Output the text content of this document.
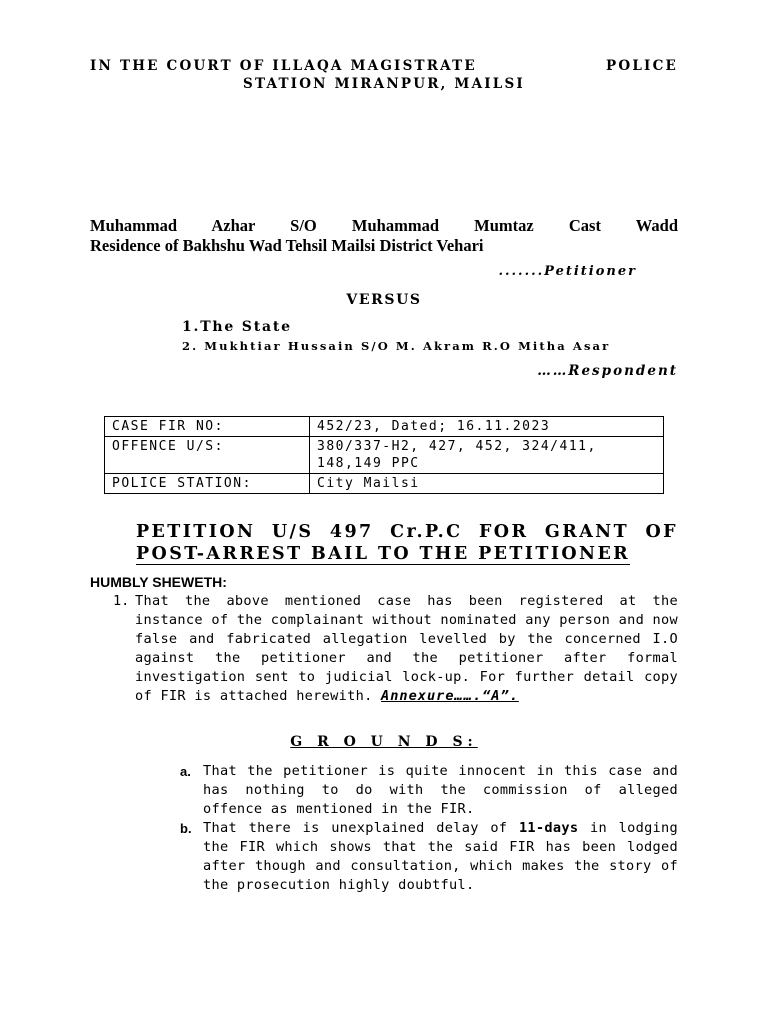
IN THE COURT OF ILLAQA MAGISTRATE	POLICE
STATION MIRANPUR, MAILSI
Muhammad Azhar S/O Muhammad Mumtaz Cast Wadd
Residence of Bakhshu Wad Tehsil Mailsi District Vehari
.......Petitioner
VERSUS
1.The State
2. Mukhtiar Hussain S/O M. Akram R.O Mitha Asar
……Respondent
CASE FIR NO:	452/23, Dated; 16.11.2023
OFFENCE U/S:	380/337-H2, 427, 452, 324/411, 148,149 PPC
POLICE STATION:	City Mailsi
PETITION U/S 497 Cr.P.C FOR GRANT OF
POST-ARREST BAIL TO THE PETITIONER
HUMBLY SHEWETH:
1. That the above mentioned case has been registered at the instance of the complainant without nominated any person and now false and fabricated allegation levelled by the concerned I.O against the petitioner and the petitioner after formal investigation sent to judicial lock-up. For further detail copy of FIR is attached herewith. Annexure…….“A”.
G R O U N D S:
a. That the petitioner is quite innocent in this case and has nothing to do with the commission of alleged offence as mentioned in the FIR.
b. That there is unexplained delay of 11-days in lodging the FIR which shows that the said FIR has been lodged after though and consultation, which makes the story of the prosecution highly doubtful.
